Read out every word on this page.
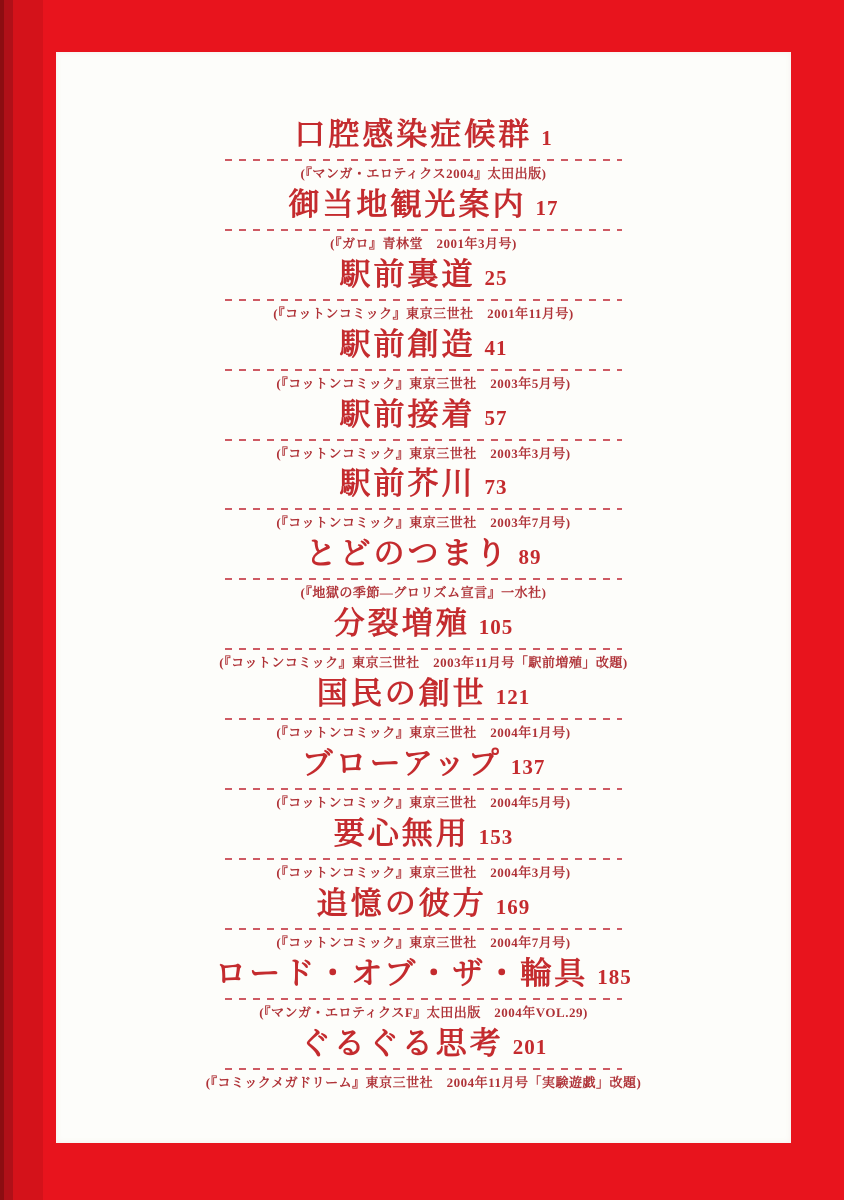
口腔感染症候群 1
(『マンガ・エロティクス2004』太田出版)
御当地観光案内 17
(『ガロ』青林堂　2001年3月号)
駅前裏道 25
(『コットンコミック』東京三世社　2001年11月号)
駅前創造 41
(『コットンコミック』東京三世社　2003年5月号)
駅前接着 57
(『コットンコミック』東京三世社　2003年3月号)
駅前芥川 73
(『コットンコミック』東京三世社　2003年7月号)
とどのつまり 89
(『地獄の季節―グロリズム宣言』一水社)
分裂増殖 105
(『コットンコミック』東京三世社　2003年11月号「駅前増殖」改題)
国民の創世 121
(『コットンコミック』東京三世社　2004年1月号)
ブローアップ 137
(『コットンコミック』東京三世社　2004年5月号)
要心無用 153
(『コットンコミック』東京三世社　2004年3月号)
追憶の彼方 169
(『コットンコミック』東京三世社　2004年7月号)
ロード・オブ・ザ・輪具 185
(『マンガ・エロティクスF』太田出版　2004年VOL.29)
ぐるぐる思考 201
(『コミックメガドリーム』東京三世社　2004年11月号「実験遊戯」改題)
